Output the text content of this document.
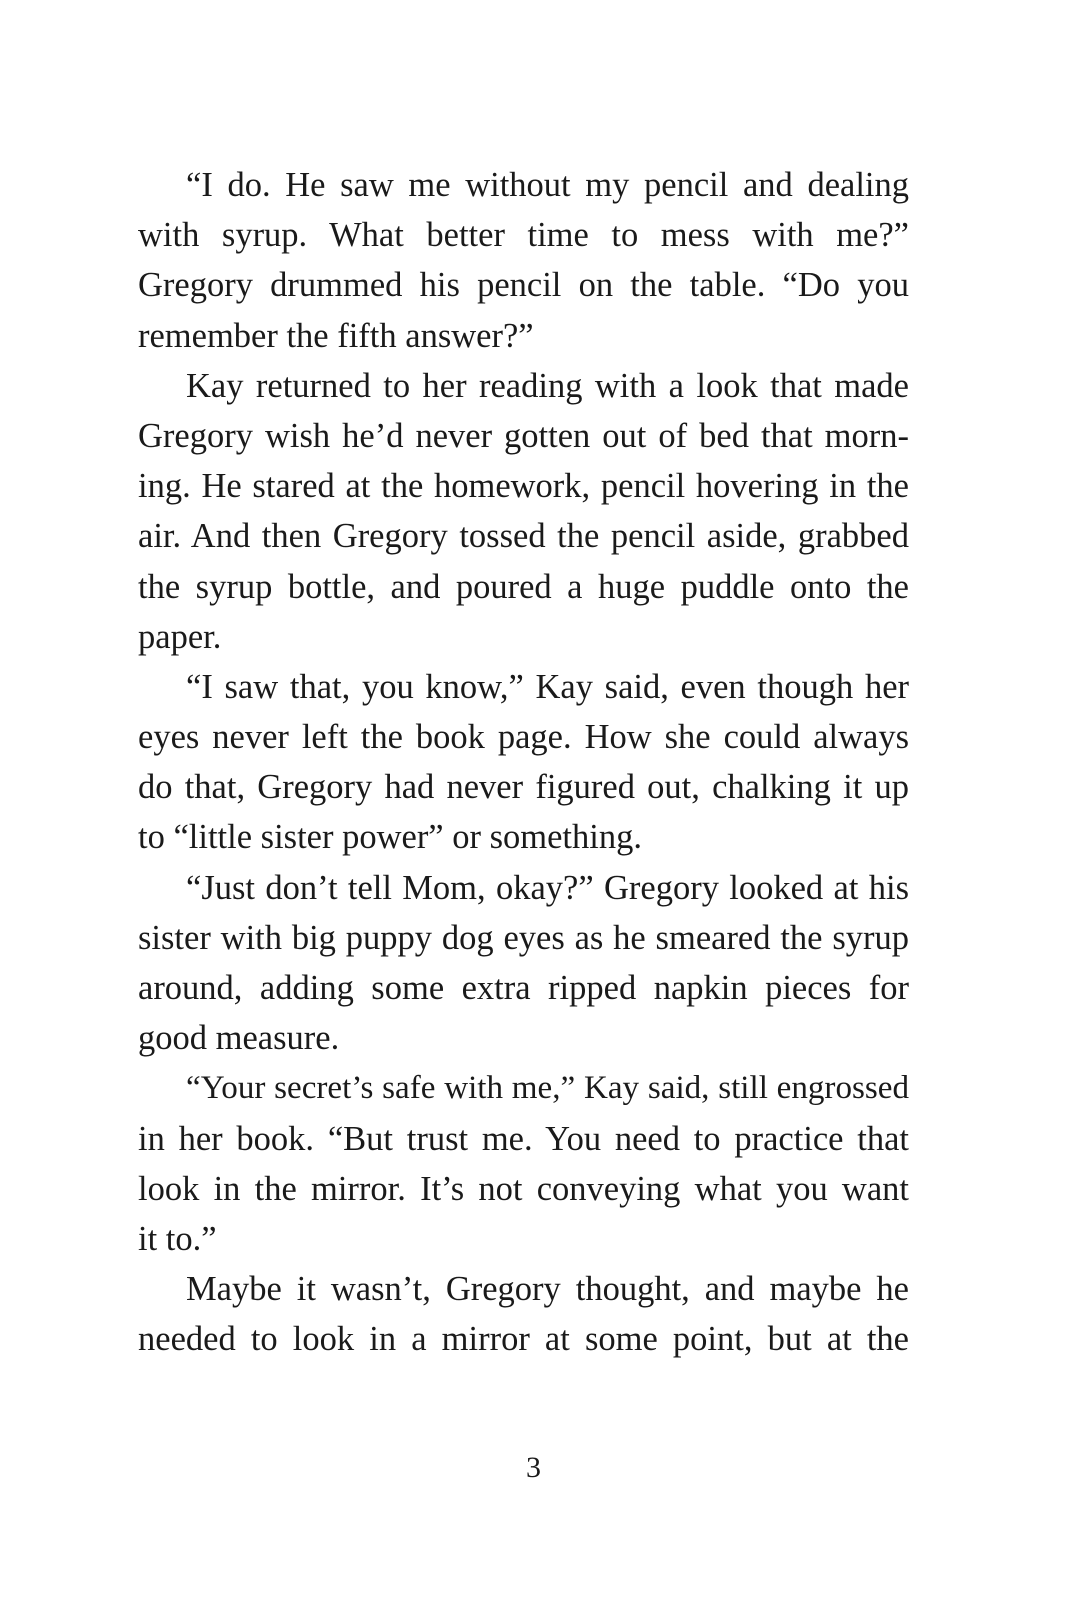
“I do. He saw me without my pencil and dealing
with syrup. What better time to mess with me?”
Gregory drummed his pencil on the table. “Do you
remember the fifth answer?”
Kay returned to her reading with a look that made
Gregory wish he’d never gotten out of bed that morn-
ing. He stared at the homework, pencil hovering in the
air. And then Gregory tossed the pencil aside, grabbed
the syrup bottle, and poured a huge puddle onto the
paper.
“I saw that, you know,” Kay said, even though her
eyes never left the book page. How she could always
do that, Gregory had never figured out, chalking it up
to “little sister power” or something.
“Just don’t tell Mom, okay?” Gregory looked at his
sister with big puppy dog eyes as he smeared the syrup
around, adding some extra ripped napkin pieces for
good measure.
“Your secret’s safe with me,” Kay said, still engrossed
in her book. “But trust me. You need to practice that
look in the mirror. It’s not conveying what you want
it to.”
Maybe it wasn’t, Gregory thought, and maybe he
needed to look in a mirror at some point, but at the
3
